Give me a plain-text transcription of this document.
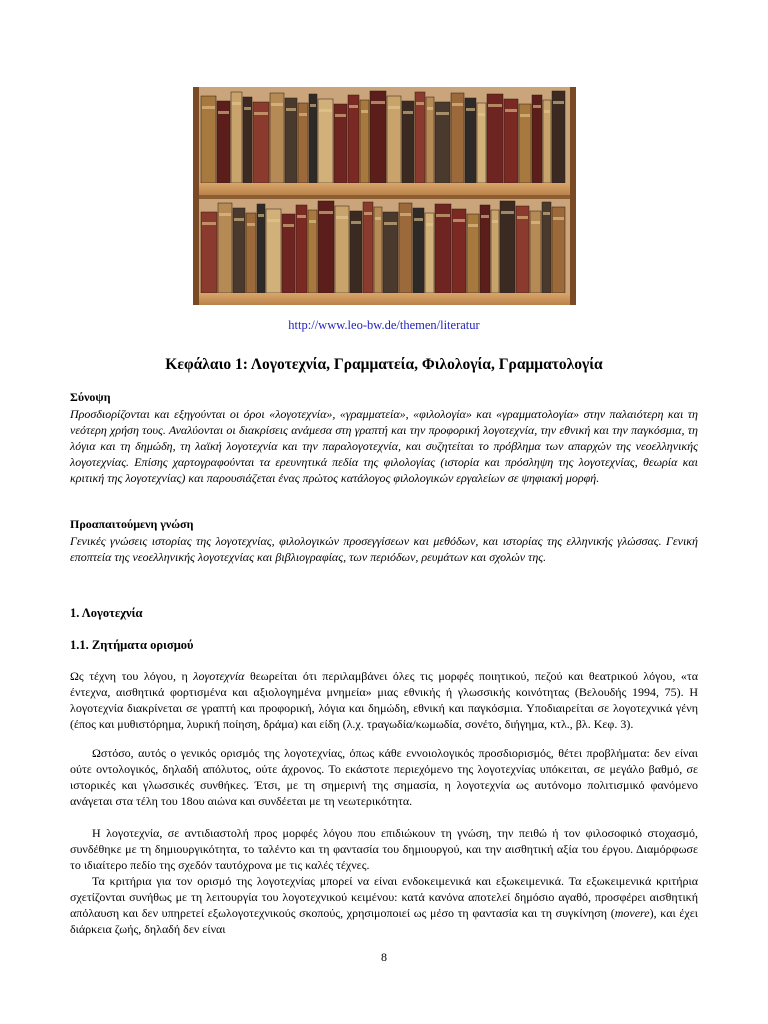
http://www.leo-bw.de/themen/literatur
Κεφάλαιο 1: Λογοτεχνία, Γραμματεία, Φιλολογία, Γραμματολογία

Σύνοψη

Προσδιορίζονται και εξηγούνται οι όροι «λογοτεχνία», «γραμματεία», «φιλολογία» και «γραμματολογία» στην παλαιότερη και τη νεότερη χρήση τους. Αναλύονται οι διακρίσεις ανάμεσα στη γραπτή και την προφορική λογοτεχνία, την εθνική και την παγκόσμια, τη λόγια και τη δημώδη, τη λαϊκή λογοτεχνία και την παραλογοτεχνία, και συζητείται το πρόβλημα των απαρχών της νεοελληνικής λογοτεχνίας. Επίσης χαρτογραφούνται τα ερευνητικά πεδία της φιλολογίας (ιστορία και πρόσληψη της λογοτεχνίας, θεωρία και κριτική της λογοτεχνίας) και παρουσιάζεται ένας πρώτος κατάλογος φιλολογικών εργαλείων σε ψηφιακή μορφή.

Προαπαιτούμενη γνώση

Γενικές γνώσεις ιστορίας της λογοτεχνίας, φιλολογικών προσεγγίσεων και μεθόδων, και ιστορίας της ελληνικής γλώσσας. Γενική εποπτεία της νεοελληνικής λογοτεχνίας και βιβλιογραφίας, των περιόδων, ρευμάτων και σχολών της.

1. Λογοτεχνία
1.1. Ζητήματα ορισμού

Ως τέχνη του λόγου, η λογοτεχνία θεωρείται ότι περιλαμβάνει όλες τις μορφές ποιητικού, πεζού και θεατρικού λόγου, «τα έντεχνα, αισθητικά φορτισμένα και αξιολογημένα μνημεία» μιας εθνικής ή γλωσσικής κοινότητας (Βελουδής 1994, 75). Η λογοτεχνία διακρίνεται σε γραπτή και προφορική, λόγια και δημώδη, εθνική και παγκόσμια. Υποδιαιρείται σε λογοτεχνικά γένη (έπος και μυθιστόρημα, λυρική ποίηση, δράμα) και είδη (λ.χ. τραγωδία/κωμωδία, σονέτο, διήγημα, κτλ., βλ. Κεφ. 3).

Ωστόσο, αυτός ο γενικός ορισμός της λογοτεχνίας, όπως κάθε εννοιολογικός προσδιορισμός, θέτει προβλήματα: δεν είναι ούτε οντολογικός, δηλαδή απόλυτος, ούτε άχρονος. Το εκάστοτε περιεχόμενο της λογοτεχνίας υπόκειται, σε μεγάλο βαθμό, σε ιστορικές και γλωσσικές συνθήκες. Έτσι, με τη σημερινή της σημασία, η λογοτεχνία ως αυτόνομο πολιτισμικό φανόμενο ανάγεται στα τέλη του 18ου αιώνα και συνδέεται με τη νεωτερικότητα.

Η λογοτεχνία, σε αντιδιαστολή προς μορφές λόγου που επιδιώκουν τη γνώση, την πειθώ ή τον φιλοσοφικό στοχασμό, συνδέθηκε με τη δημιουργικότητα, το ταλέντο και τη φαντασία του δημιουργού, και την αισθητική αξία του έργου. Διαμόρφωσε το ιδιαίτερο πεδίο της σχεδόν ταυτόχρονα με τις καλές τέχνες.

Τα κριτήρια για τον ορισμό της λογοτεχνίας μπορεί να είναι ενδοκειμενικά και εξωκειμενικά. Τα εξωκειμενικά κριτήρια σχετίζονται συνήθως με τη λειτουργία του λογοτεχνικού κειμένου: κατά κανόνα αποτελεί δημόσιο αγαθό, προσφέρει αισθητική απόλαυση και δεν υπηρετεί εξωλογοτεχνικούς σκοπούς, χρησιμοποιεί ως μέσο τη φαντασία και τη συγκίνηση (movere), και έχει διάρκεια ζωής, δηλαδή δεν είναι

8
